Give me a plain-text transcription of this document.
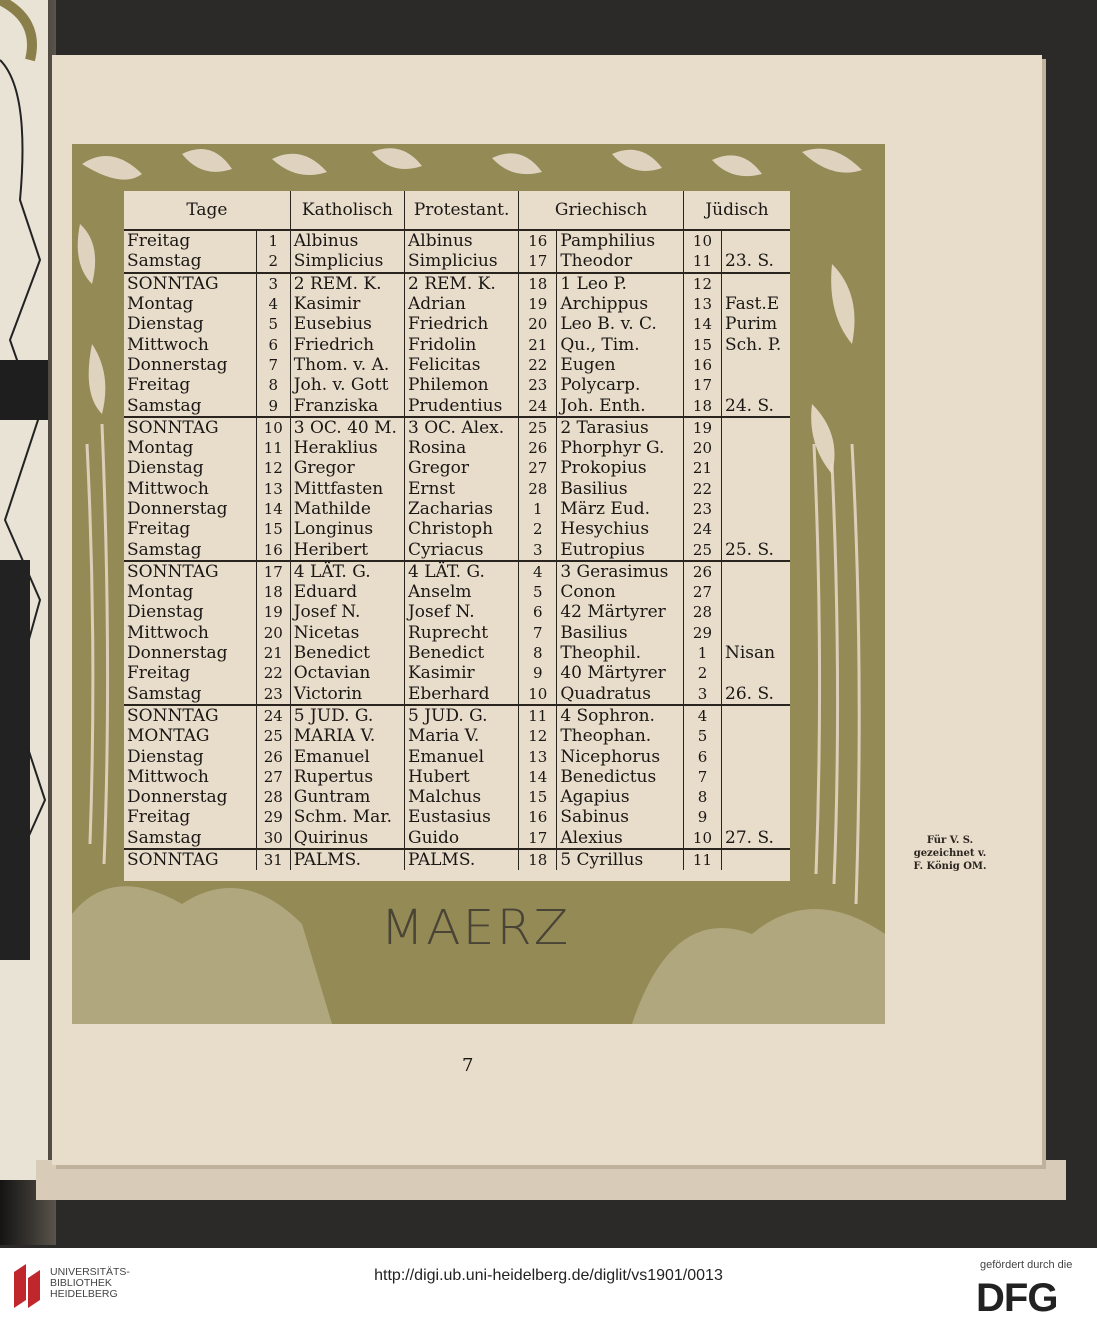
Tage		Katholisch	Protestant.	Griechisch		Jüdisch	
Freitag	1	Albinus	Albinus	16	Pamphilius	10	
Samstag	2	Simplicius	Simplicius	17	Theodor	11	23. S.
SONNTAG	3	2 REM. K.	2 REM. K.	18	1 Leo P.	12	
Montag	4	Kasimir	Adrian	19	Archippus	13	Fast.E
Dienstag	5	Eusebius	Friedrich	20	Leo B. v. C.	14	Purim
Mittwoch	6	Friedrich	Fridolin	21	Qu., Tim.	15	Sch. P.
Donnerstag	7	Thom. v. A.	Felicitas	22	Eugen	16	
Freitag	8	Joh. v. Gott	Philemon	23	Polycarp.	17	
Samstag	9	Franziska	Prudentius	24	Joh. Enth.	18	24. S.
SONNTAG	10	3 OC. 40 M.	3 OC. Alex.	25	2 Tarasius	19	
Montag	11	Heraklius	Rosina	26	Phorphyr G.	20	
Dienstag	12	Gregor	Gregor	27	Prokopius	21	
Mittwoch	13	Mittfasten	Ernst	28	Basilius	22	
Donnerstag	14	Mathilde	Zacharias	1	März Eud.	23	
Freitag	15	Longinus	Christoph	2	Hesychius	24	
Samstag	16	Heribert	Cyriacus	3	Eutropius	25	25. S.
SONNTAG	17	4 LÄT. G.	4 LÄT. G.	4	3 Gerasimus	26	
Montag	18	Eduard	Anselm	5	Conon	27	
Dienstag	19	Josef N.	Josef N.	6	42 Märtyrer	28	
Mittwoch	20	Nicetas	Ruprecht	7	Basilius	29	
Donnerstag	21	Benedict	Benedict	8	Theophil.	1	Nisan
Freitag	22	Octavian	Kasimir	9	40 Märtyrer	2	
Samstag	23	Victorin	Eberhard	10	Quadratus	3	26. S.
SONNTAG	24	5 JUD. G.	5 JUD. G.	11	4 Sophron.	4	
MONTAG	25	MARIA V.	Maria V.	12	Theophan.	5	
Dienstag	26	Emanuel	Emanuel	13	Nicephorus	6	
Mittwoch	27	Rupertus	Hubert	14	Benedictus	7	
Donnerstag	28	Guntram	Malchus	15	Agapius	8	
Freitag	29	Schm. Mar.	Eustasius	16	Sabinus	9	
Samstag	30	Quirinus	Guido	17	Alexius	10	27. S.
SONNTAG	31	PALMS.	PALMS.	18	5 Cyrillus	11	
MAERZ
Für V. S.
gezeichnet v.
F. König OM.
7
UNIVERSITÄTS-
BIBLIOTHEK
HEIDELBERG
http://digi.ub.uni-heidelberg.de/diglit/vs1901/0013
gefördert durch die
DFG
